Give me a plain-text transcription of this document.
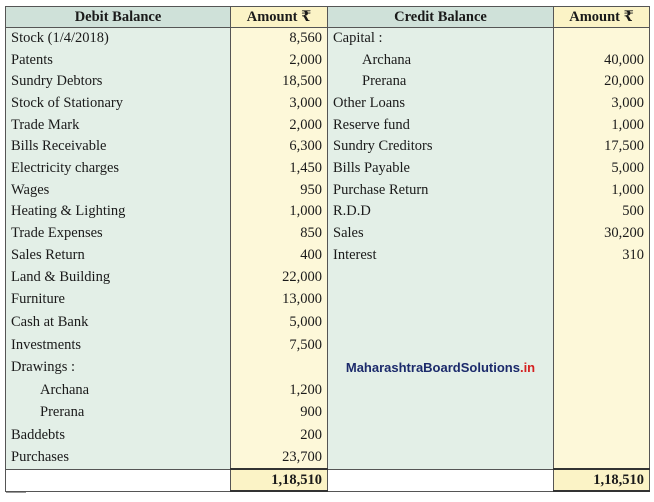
Debit Balance	Amount ₹	Credit Balance	Amount ₹
Stock (1/4/2018)	8,560	Capital :	
Patents	2,000	Archana	40,000
Sundry Debtors	18,500	Prerana	20,000
Stock of Stationary	3,000	Other Loans	3,000
Trade Mark	2,000	Reserve fund	1,000
Bills Receivable	6,300	Sundry Creditors	17,500
Electricity charges	1,450	Bills Payable	5,000
Wages	950	Purchase Return	1,000
Heating & Lighting	1,000	R.D.D	500
Trade Expenses	850	Sales	30,200
Sales Return	400	Interest	310
Land & Building	22,000		
Furniture	13,000		
Cash at Bank	5,000		
Investments	7,500		
Drawings :		MaharashtraBoardSolutions.in	
Archana	1,200		
Prerana	900		
Baddebts	200		
Purchases	23,700		
	1,18,510		1,18,510
